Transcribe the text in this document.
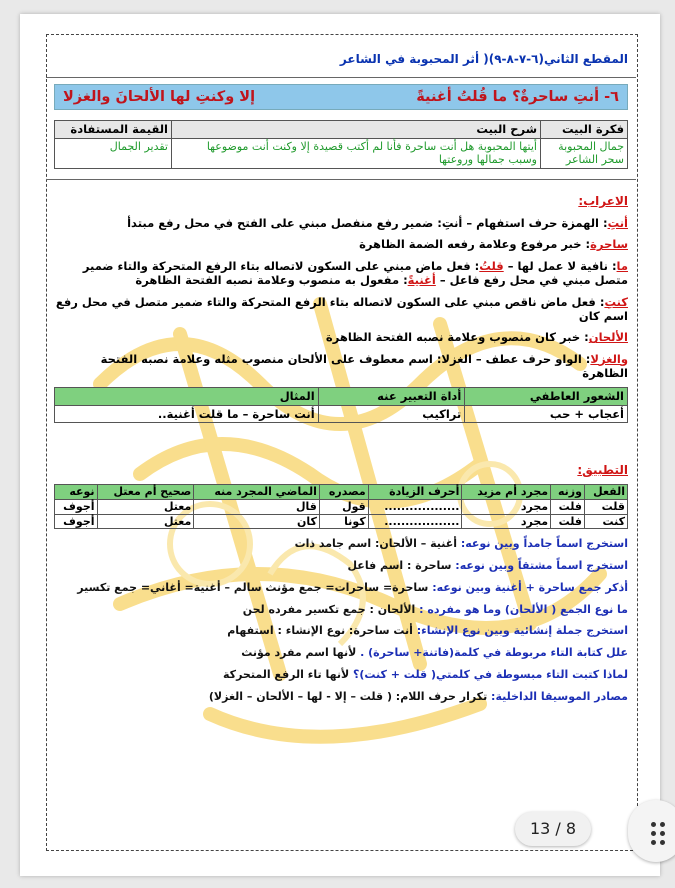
المقطع الثاني(٦-٧-٨-٩)( أثر المحبوبة في الشاعر
٦- أنتِ ساحرةٌ؟ ما قُلتُ أغنيةً
إلا وكنتِ لها الألحانَ والغزلا
فكرة البيت	شرح البيت	القيمة المستفادة
جمال المحبوبة سحر الشاعر	أيتها المحبوبة هل أنت ساحرة فأنا لم أكتب قصيدة إلا وكنت أنت موضوعها وسبب جمالها وروعتها	تقدير الجمال
الاعراب:
أنتِ: الهمزة حرف استفهام – أنتِ: ضمير رفع منفصل مبني على الفتح في محل رفع مبتدأ
ساحرة: خبر مرفوع وعلامة رفعه الضمة الظاهرة
ما: نافية لا عمل لها – قلتُ: فعل ماض مبني على السكون لاتصاله بتاء الرفع المتحركة والتاء ضمير متصل مبني في محل رفع فاعل – أغنيةً: مفعول به منصوب وعلامة نصبه الفتحة الظاهرة
كنتِ: فعل ماض ناقص مبني على السكون لاتصاله بتاء الرفع المتحركة والتاء ضمير متصل في محل رفع اسم كان
الألحان: خبر كان منصوب وعلامة نصبه الفتحة الظاهرة
والغزلا: الواو حرف عطف – الغزلا: اسم معطوف على الألحان منصوب مثله وعلامة نصبه الفتحة الظاهرة
الشعور العاطفي	أداة التعبير عنه	المثال
أعجاب + حب	تراكيب	أنت ساحرة – ما قلت أغنية..
التطبيق:
الفعل	وزنه	مجرد أم مزيد	أحرف الزيادة	مصدره	الماضي المجرد منه	صحيح أم معتل	نوعه
قلت	فلت	مجرد	..................	قول	قال	معتل	أجوف
كنت	فلت	مجرد	..................	كونا	كان	معتل	أجوف
استخرج اسماً جامداً وبين نوعه: أغنية – الألحان: اسم جامد ذات
استخرج اسماً مشتقاً وبين نوعه: ساحرة : اسم فاعل
أذكر جمع ساحرة + أغنية وبين نوعه: ساحرة= ساحرات= جمع مؤنث سالم – أغنية= أغاني= جمع تكسير
ما نوع الجمع ( الألحان) وما هو مفرده : الألحان : جمع تكسير مفرده لحن
استخرج جملة إنشائية وبين نوع الإنشاء: أنت ساحرة: نوع الإنشاء : استفهام
علل كتابة التاء مربوطة في كلمة(فاتنة+ ساحرة) . لأنها اسم مفرد مؤنث
لماذا كتبت التاء مبسوطة في كلمتي( قلت + كنت)؟ لأنها تاء الرفع المتحركة
مصادر الموسيقا الداخلية: تكرار حرف اللام: ( قلت – إلا - لها – الألحان – الغزلا)
13 / 8
